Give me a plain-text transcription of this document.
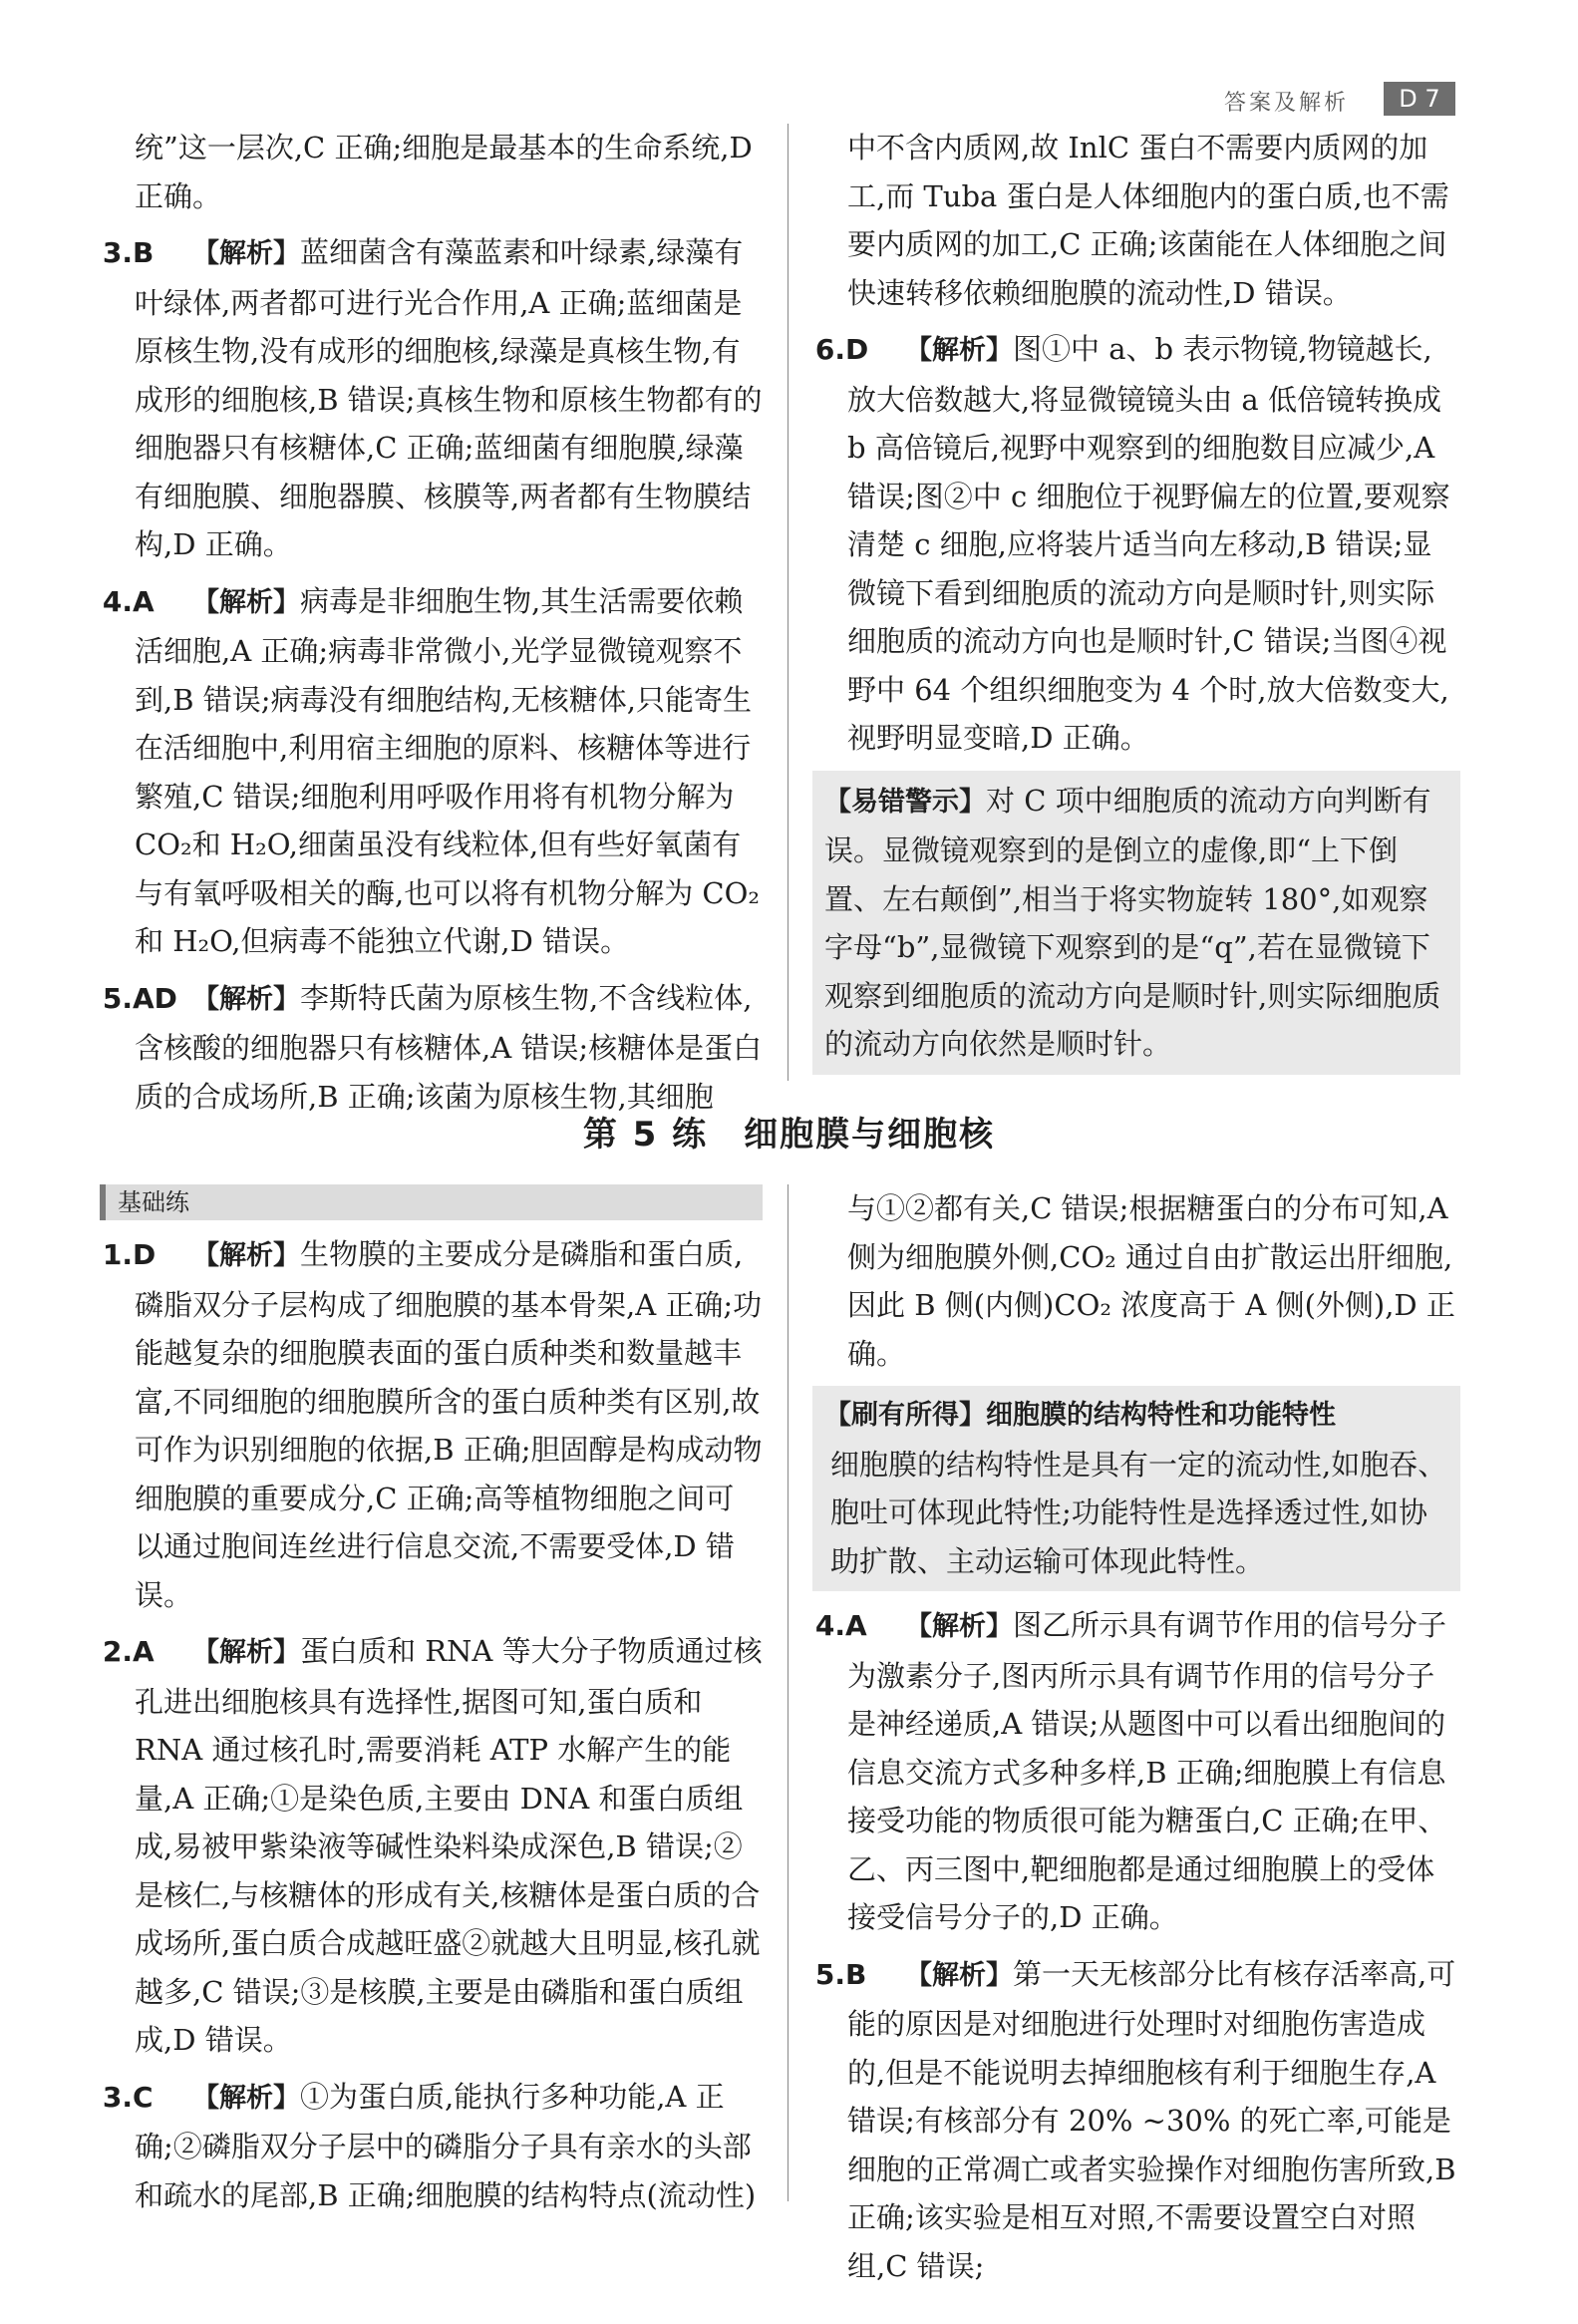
答案及解析	D 7

统”这一层次,C 正确;细胞是最基本的生命系统,D

正确。

3.B 【解析】蓝细菌含有藻蓝素和叶绿素,绿藻有叶绿体,两者都可进行光合作用,A 正确;蓝细菌是原核生物,没有成形的细胞核,绿藻是真核生物,有成形的细胞核,B 错误;真核生物和原核生物都有的细胞器只有核糖体,C 正确;蓝细菌有细胞膜,绿藻有细胞膜、细胞器膜、核膜等,两者都有生物膜结构,D 正确。
4.A 【解析】病毒是非细胞生物,其生活需要依赖活细胞,A 正确;病毒非常微小,光学显微镜观察不到,B 错误;病毒没有细胞结构,无核糖体,只能寄生在活细胞中,利用宿主细胞的原料、核糖体等进行繁殖,C 错误;细胞利用呼吸作用将有机物分解为 CO₂和 H₂O,细菌虽没有线粒体,但有些好氧菌有与有氧呼吸相关的酶,也可以将有机物分解为 CO₂和 H₂O,但病毒不能独立代谢,D 错误。
5.AD 【解析】李斯特氏菌为原核生物,不含线粒体,含核酸的细胞器只有核糖体,A 错误;核糖体是蛋白质的合成场所,B 正确;该菌为原核生物,其细胞
中不含内质网,故 InlC 蛋白不需要内质网的加工,而 Tuba 蛋白是人体细胞内的蛋白质,也不需要内质网的加工,C 正确;该菌能在人体细胞之间快速转移依赖细胞膜的流动性,D 错误。
6.D 【解析】图①中 a、b 表示物镜,物镜越长,放大倍数越大,将显微镜镜头由 a 低倍镜转换成 b 高倍镜后,视野中观察到的细胞数目应减少,A 错误;图②中 c 细胞位于视野偏左的位置,要观察清楚 c 细胞,应将装片适当向左移动,B 错误;显微镜下看到细胞质的流动方向是顺时针,则实际细胞质的流动方向也是顺时针,C 错误;当图④视野中 64 个组织细胞变为 4 个时,放大倍数变大,视野明显变暗,D 正确。
【易错警示】对 C 项中细胞质的流动方向判断有误。显微镜观察到的是倒立的虚像,即“上下倒置、左右颠倒”,相当于将实物旋转 180°,如观察字母“b”,显微镜下观察到的是“q”,若在显微镜下观察到细胞质的流动方向是顺时针,则实际细胞质的流动方向依然是顺时针。
第 5 练　细胞膜与细胞核
基础练
1.D 【解析】生物膜的主要成分是磷脂和蛋白质,磷脂双分子层构成了细胞膜的基本骨架,A 正确;功能越复杂的细胞膜表面的蛋白质种类和数量越丰富,不同细胞的细胞膜所含的蛋白质种类有区别,故可作为识别细胞的依据,B 正确;胆固醇是构成动物细胞膜的重要成分,C 正确;高等植物细胞之间可以通过胞间连丝进行信息交流,不需要受体,D 错误。
2.A 【解析】蛋白质和 RNA 等大分子物质通过核孔进出细胞核具有选择性,据图可知,蛋白质和 RNA 通过核孔时,需要消耗 ATP 水解产生的能量,A 正确;①是染色质,主要由 DNA 和蛋白质组成,易被甲紫染液等碱性染料染成深色,B 错误;②是核仁,与核糖体的形成有关,核糖体是蛋白质的合成场所,蛋白质合成越旺盛②就越大且明显,核孔就越多,C 错误;③是核膜,主要是由磷脂和蛋白质组成,D 错误。
3.C 【解析】①为蛋白质,能执行多种功能,A 正确;②磷脂双分子层中的磷脂分子具有亲水的头部和疏水的尾部,B 正确;细胞膜的结构特点(流动性)
与①②都有关,C 错误;根据糖蛋白的分布可知,A 侧为细胞膜外侧,CO₂ 通过自由扩散运出肝细胞,因此 B 侧(内侧)CO₂ 浓度高于 A 侧(外侧),D 正确。

【刷有所得】细胞膜的结构特性和功能特性

细胞膜的结构特性是具有一定的流动性,如胞吞、胞吐可体现此特性;功能特性是选择透过性,如协助扩散、主动运输可体现此特性。

4.A 【解析】图乙所示具有调节作用的信号分子为激素分子,图丙所示具有调节作用的信号分子是神经递质,A 错误;从题图中可以看出细胞间的信息交流方式多种多样,B 正确;细胞膜上有信息接受功能的物质很可能为糖蛋白,C 正确;在甲、乙、丙三图中,靶细胞都是通过细胞膜上的受体接受信号分子的,D 正确。
5.B 【解析】第一天无核部分比有核存活率高,可能的原因是对细胞进行处理时对细胞伤害造成的,但是不能说明去掉细胞核有利于细胞生存,A 错误;有核部分有 20% ~30% 的死亡率,可能是细胞的正常凋亡或者实验操作对细胞伤害所致,B 正确;该实验是相互对照,不需要设置空白对照组,C 错误;
